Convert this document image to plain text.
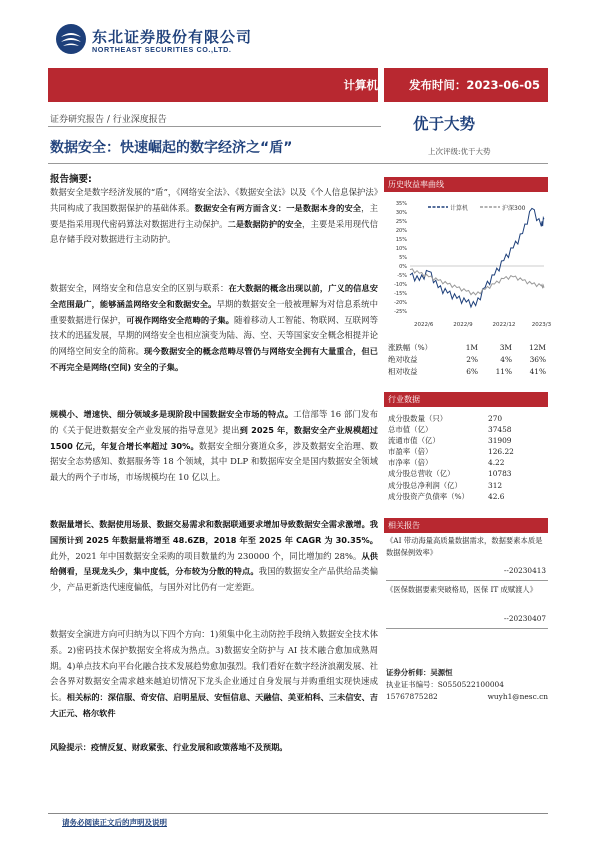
东北证券股份有限公司
NORTHEAST SECURITIES CO.,LTD.
计算机	发布时间：2023-06-05
证券研究报告 / 行业深度报告
数据安全：快速崛起的数字经济之“盾”
优于大势
上次评级:优于大势
报告摘要:
数据安全是数字经济发展的“盾”，《网络安全法》、《数据安全法》以及《个人信息保护法》共同构成了我国数据保护的基础体系。数据安全有两方面含义：一是数据本身的安全，主要是指采用现代密码算法对数据进行主动保护。二是数据防护的安全，主要是采用现代信息存储手段对数据进行主动防护。
数据安全，网络安全和信息安全的区别与联系：在大数据的概念出现以前，广义的信息安全范围最广，能够涵盖网络安全和数据安全。早期的数据安全一般被理解为对信息系统中重要数据进行保护，可视作网络安全范畴的子集。随着移动人工智能、物联网、互联网等技术的迅猛发展，早期的网络安全也相应演变为陆、海、空、天等国家安全概念相提并论的网络空间安全的简称。现今数据安全的概念范畴尽管仍与网络安全拥有大量重合，但已不再完全是网络(空间) 安全的子集。
规模小、增速快、细分领域多是现阶段中国数据安全市场的特点。工信部等 16 部门发布的《关于促进数据安全产业发展的指导意见》提出到 2025 年，数据安全产业规模超过 1500 亿元，年复合增长率超过 30%。数据安全细分赛道众多，涉及数据安全治理、数据安全态势感知、数据服务等 18 个领域，其中 DLP 和数据库安全是国内数据安全领域最大的两个子市场，市场规模均在 10 亿以上。
数据量增长、数据使用场景、数据交易需求和数据联通要求增加导致数据安全需求激增。我国预计到 2025 年数据量将增至 48.6ZB，2018 年至 2025 年 CAGR 为 30.35%。此外，2021 年中国数据安全采购的项目数量约为 230000 个，同比增加约 28%。从供给侧看，呈现龙头少，集中度低，分布较为分散的特点。我国的数据安全产品供给品类偏少，产品更新迭代速度偏低，与国外对比仍有一定差距。
数据安全演进方向可归纳为以下四个方向：1)须集中化主动防控手段纳入数据安全技术体系。2)密码技术保护数据安全将成为热点。3)数据安全防护与 AI 技术融合愈加成熟周期。4)单点技术向平台化融合技术发展趋势愈加强烈。我们看好在数字经济浪潮发展、社会各界对数据安全需求越来越迫切情况下龙头企业通过自身发展与并购重组实现快速成长。相关标的：深信服、奇安信、启明星辰、安恒信息、天融信、美亚柏科、三未信安、吉大正元、格尔软件
风险提示：疫情反复、财政紧张、行业发展和政策落地不及预期。
历史收益率曲线
35%
30%
25%
20%
15%
10%
5%
0%
-5%
-10%
-15%
-20%
-25%
2022/6	2022/9	2022/12	2023/3
计算机	沪深300
涨跌幅（%）	1M	3M	12M
绝对收益	2%	4%	36%
相对收益	6%	11%	41%
行业数据
成分股数量（只）	270
总市值（亿）	37458
流通市值（亿）	31909
市盈率（倍）	126.22
市净率（倍）	4.22
成分股总营收（亿）	10783
成分股总净利润（亿）	312
成分股资产负债率（%）	42.6
相关报告
《AI 带动海量高质量数据需求，数据要素本质是数据保例效率》
--20230413
《医保数据要素突破格局，医保 IT 成赋渡人》
--20230407
证券分析师：吴源恒
执业证书编号：S0550522100004
15767875282	wuyh1@nesc.cn
请务必阅读正文后的声明及说明
